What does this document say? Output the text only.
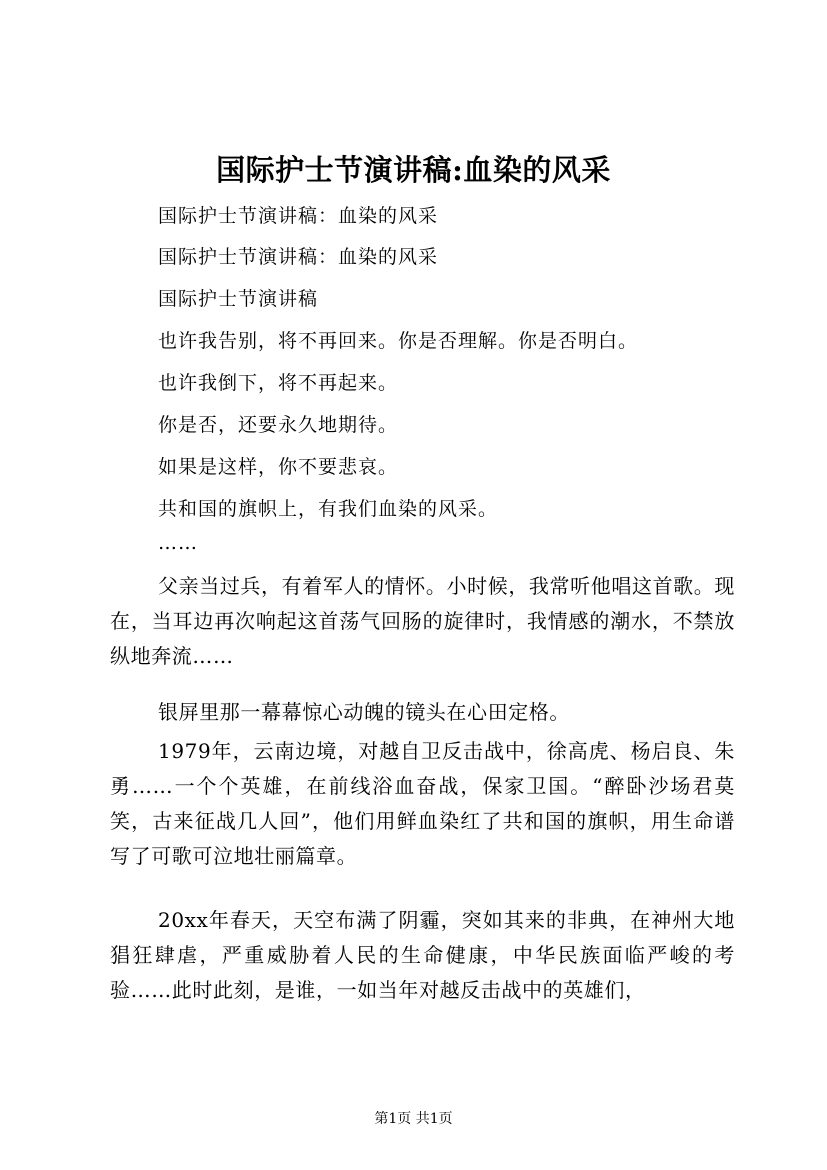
国际护士节演讲稿:血染的风采
国际护士节演讲稿：血染的风采
国际护士节演讲稿：血染的风采
国际护士节演讲稿
也许我告别，将不再回来。你是否理解。你是否明白。
也许我倒下，将不再起来。
你是否，还要永久地期待。
如果是这样，你不要悲哀。
共和国的旗帜上，有我们血染的风采。
……
父亲当过兵，有着军人的情怀。小时候，我常听他唱这首歌。现在，当耳边再次响起这首荡气回肠的旋律时，我情感的潮水，不禁放纵地奔流……
银屏里那一幕幕惊心动魄的镜头在心田定格。
1979年，云南边境，对越自卫反击战中，徐高虎、杨启良、朱勇……一个个英雄，在前线浴血奋战，保家卫国。“醉卧沙场君莫笑，古来征战几人回”，他们用鲜血染红了共和国的旗帜，用生命谱写了可歌可泣地壮丽篇章。
20xx年春天，天空布满了阴霾，突如其来的非典，在神州大地猖狂肆虐，严重威胁着人民的生命健康，中华民族面临严峻的考验……此时此刻，是谁，一如当年对越反击战中的英雄们，
第1页 共1页
